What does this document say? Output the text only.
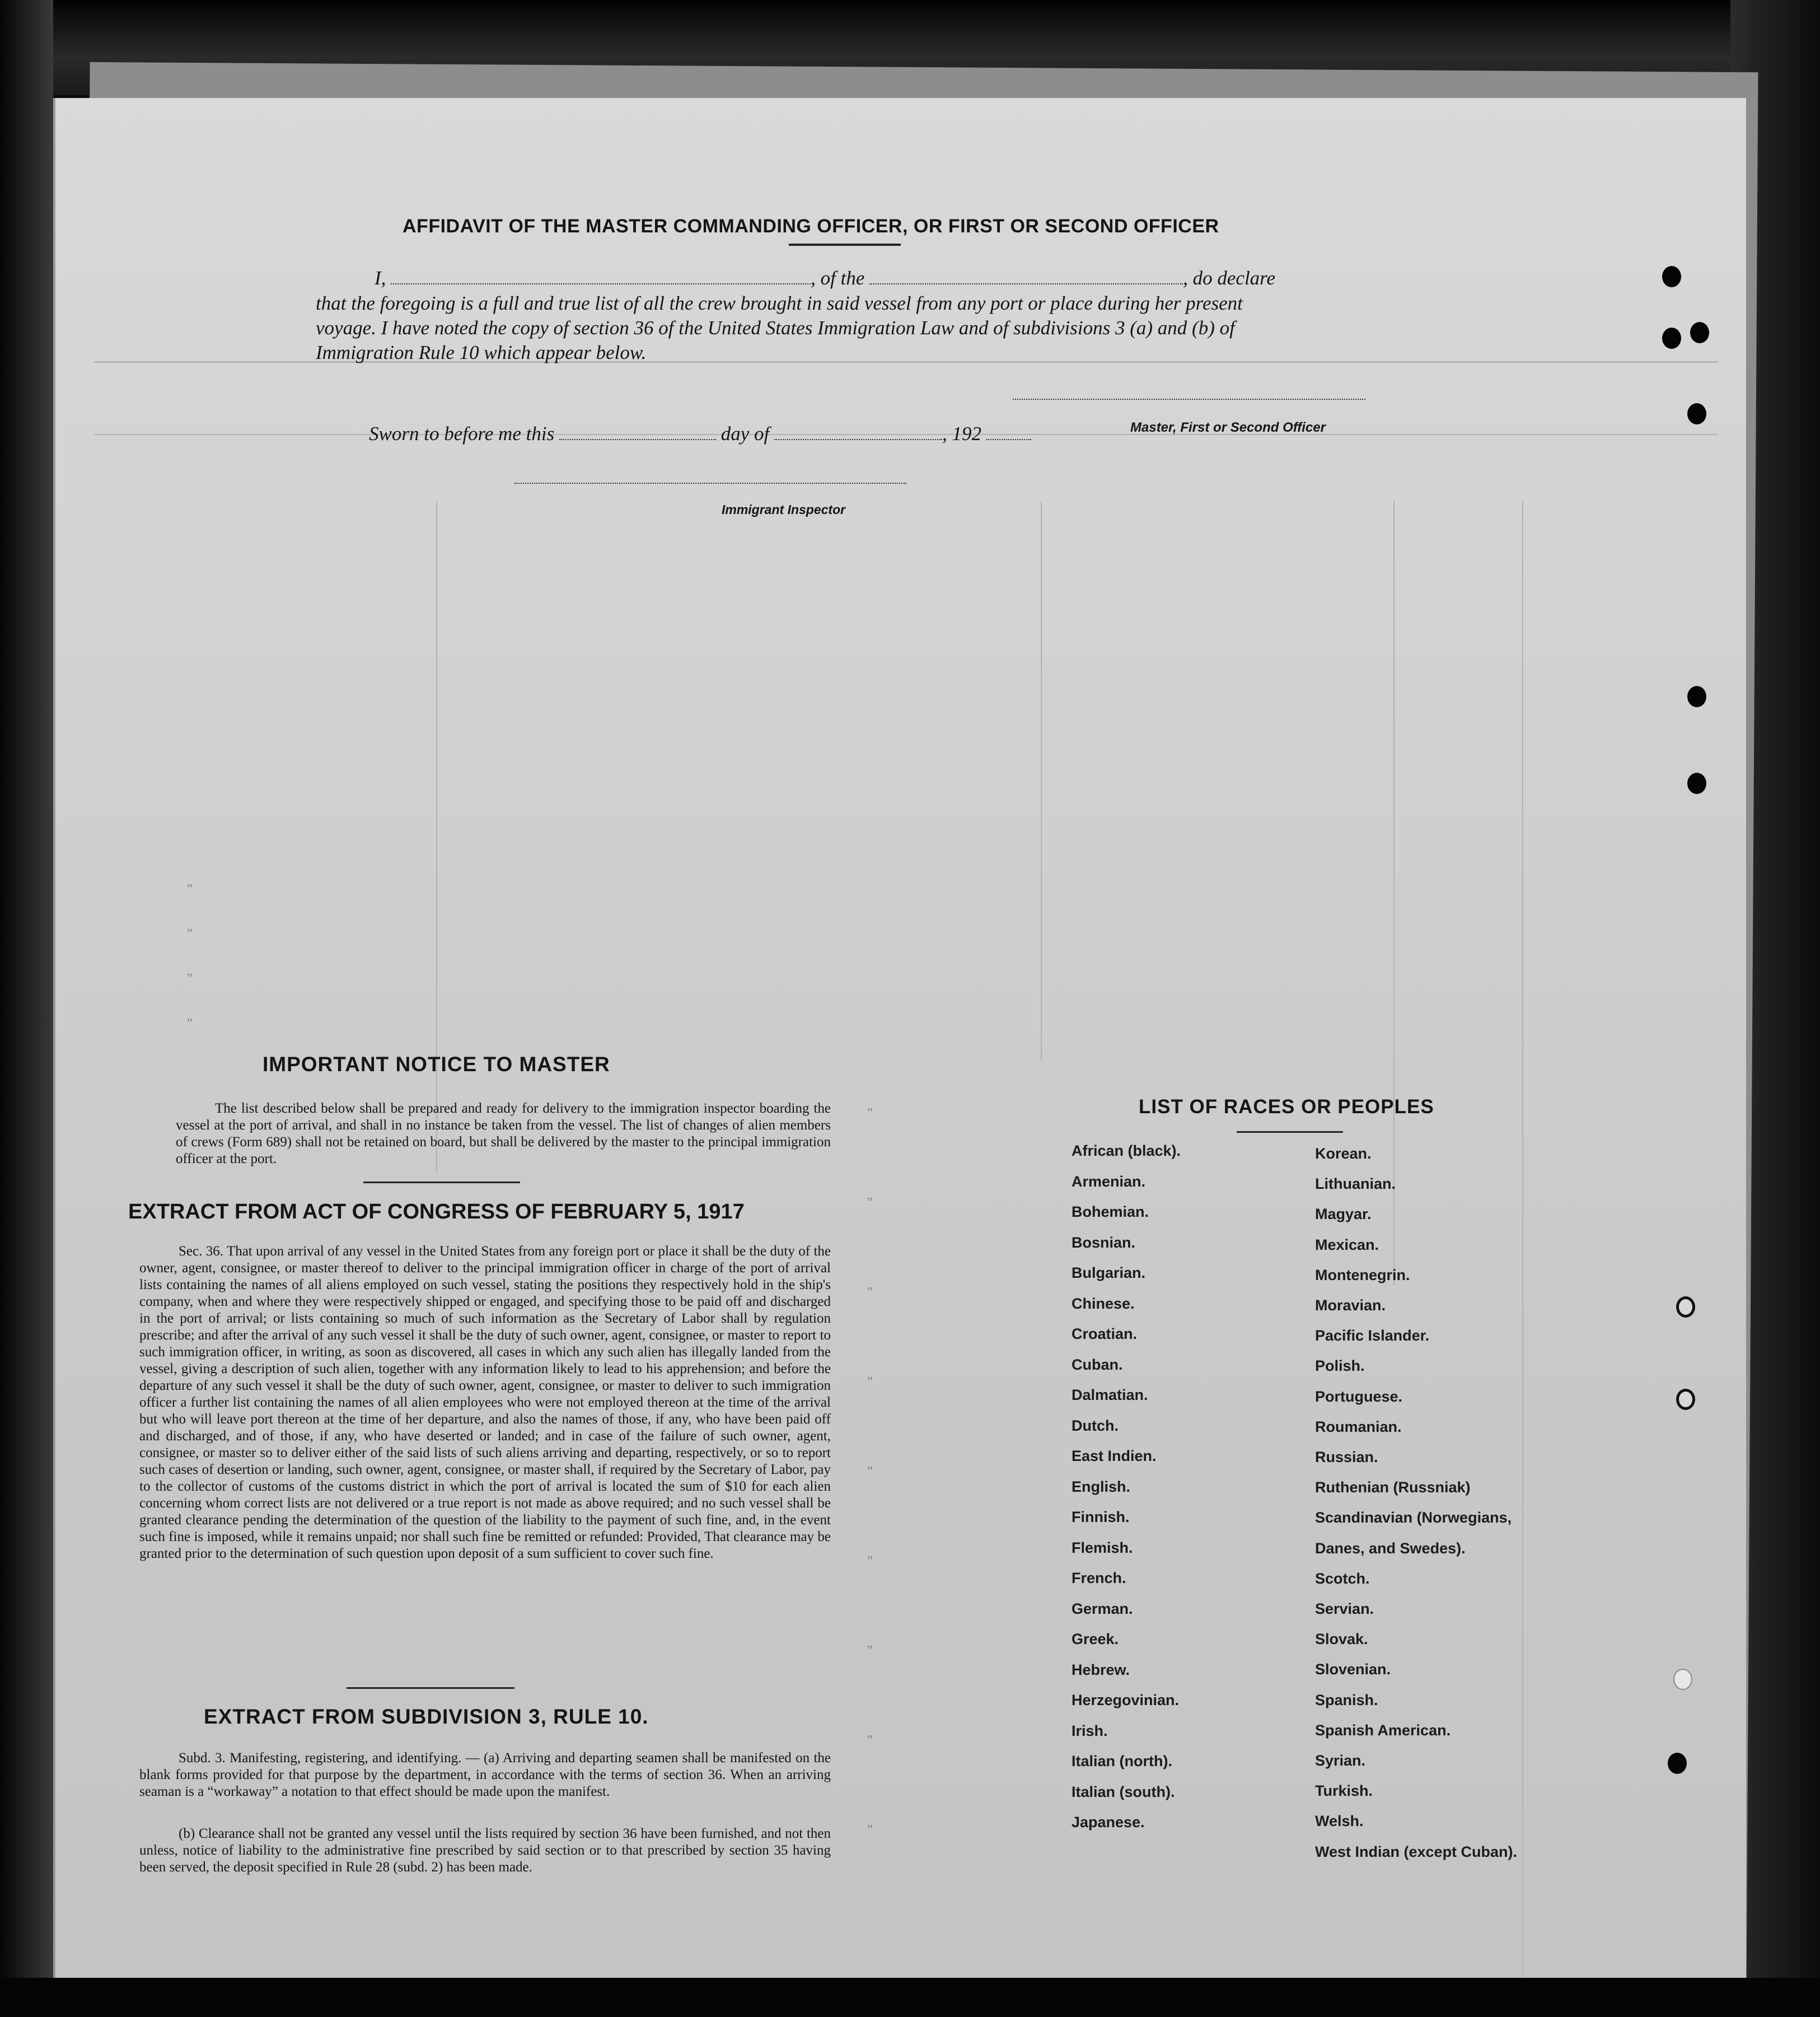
"
"
"
"
"
"
"
"
"
"
"
"
"
AFFIDAVIT OF THE MASTER COMMANDING OFFICER, OR FIRST OR SECOND OFFICER
I,	, of the	, do declare
that the foregoing is a full and true list of all the crew brought in said vessel from any port or place during her present
voyage. I have noted the copy of section 36 of the United States Immigration Law and of subdivisions 3 (a) and (b) of
Immigration Rule 10 which appear below.
Master, First or Second Officer
Sworn to before me this	day of	, 192
Immigrant Inspector
IMPORTANT NOTICE TO MASTER
The list described below shall be prepared and ready for delivery to the immigration inspector boarding the vessel at the port of arrival, and shall in no instance be taken from the vessel. The list of changes of alien members of crews (Form 689) shall not be retained on board, but shall be delivered by the master to the principal immigration officer at the port.
EXTRACT FROM ACT OF CONGRESS OF FEBRUARY 5, 1917
Sec. 36. That upon arrival of any vessel in the United States from any foreign port or place it shall be the duty of the owner, agent, consignee, or master thereof to deliver to the principal immigration officer in charge of the port of arrival lists containing the names of all aliens employed on such vessel, stating the positions they respectively hold in the ship's company, when and where they were respectively shipped or engaged, and specifying those to be paid off and discharged in the port of arrival; or lists containing so much of such information as the Secretary of Labor shall by regulation prescribe; and after the arrival of any such vessel it shall be the duty of such owner, agent, consignee, or master to report to such immigration officer, in writing, as soon as discovered, all cases in which any such alien has illegally landed from the vessel, giving a description of such alien, together with any information likely to lead to his apprehension; and before the departure of any such vessel it shall be the duty of such owner, agent, consignee, or master to deliver to such immigration officer a further list containing the names of all alien employees who were not employed thereon at the time of the arrival but who will leave port thereon at the time of her departure, and also the names of those, if any, who have been paid off and discharged, and of those, if any, who have deserted or landed; and in case of the failure of such owner, agent, consignee, or master so to deliver either of the said lists of such aliens arriving and departing, respectively, or so to report such cases of desertion or landing, such owner, agent, consignee, or master shall, if required by the Secretary of Labor, pay to the collector of customs of the customs district in which the port of arrival is located the sum of $10 for each alien concerning whom correct lists are not delivered or a true report is not made as above required; and no such vessel shall be granted clearance pending the determination of the question of the liability to the payment of such fine, and, in the event such fine is imposed, while it remains unpaid; nor shall such fine be remitted or refunded: Provided, That clearance may be granted prior to the determination of such question upon deposit of a sum sufficient to cover such fine.
EXTRACT FROM SUBDIVISION 3, RULE 10.
Subd. 3. Manifesting, registering, and identifying. — (a) Arriving and departing seamen shall be manifested on the blank forms provided for that purpose by the department, in accordance with the terms of section 36. When an arriving seaman is a “workaway” a notation to that effect should be made upon the manifest.
(b) Clearance shall not be granted any vessel until the lists required by section 36 have been furnished, and not then unless, notice of liability to the administrative fine prescribed by said section or to that prescribed by section 35 having been served, the deposit specified in Rule 28 (subd. 2) has been made.
LIST OF RACES OR PEOPLES
African (black).
Armenian.
Bohemian.
Bosnian.
Bulgarian.
Chinese.
Croatian.
Cuban.
Dalmatian.
Dutch.
East Indien.
English.
Finnish.
Flemish.
French.
German.
Greek.
Hebrew.
Herzegovinian.
Irish.
Italian (north).
Italian (south).
Japanese.
Korean.
Lithuanian.
Magyar.
Mexican.
Montenegrin.
Moravian.
Pacific Islander.
Polish.
Portuguese.
Roumanian.
Russian.
Ruthenian (Russniak)
Scandinavian (Norwegians,
Danes, and Swedes).
Scotch.
Servian.
Slovak.
Slovenian.
Spanish.
Spanish American.
Syrian.
Turkish.
Welsh.
West Indian (except Cuban).
